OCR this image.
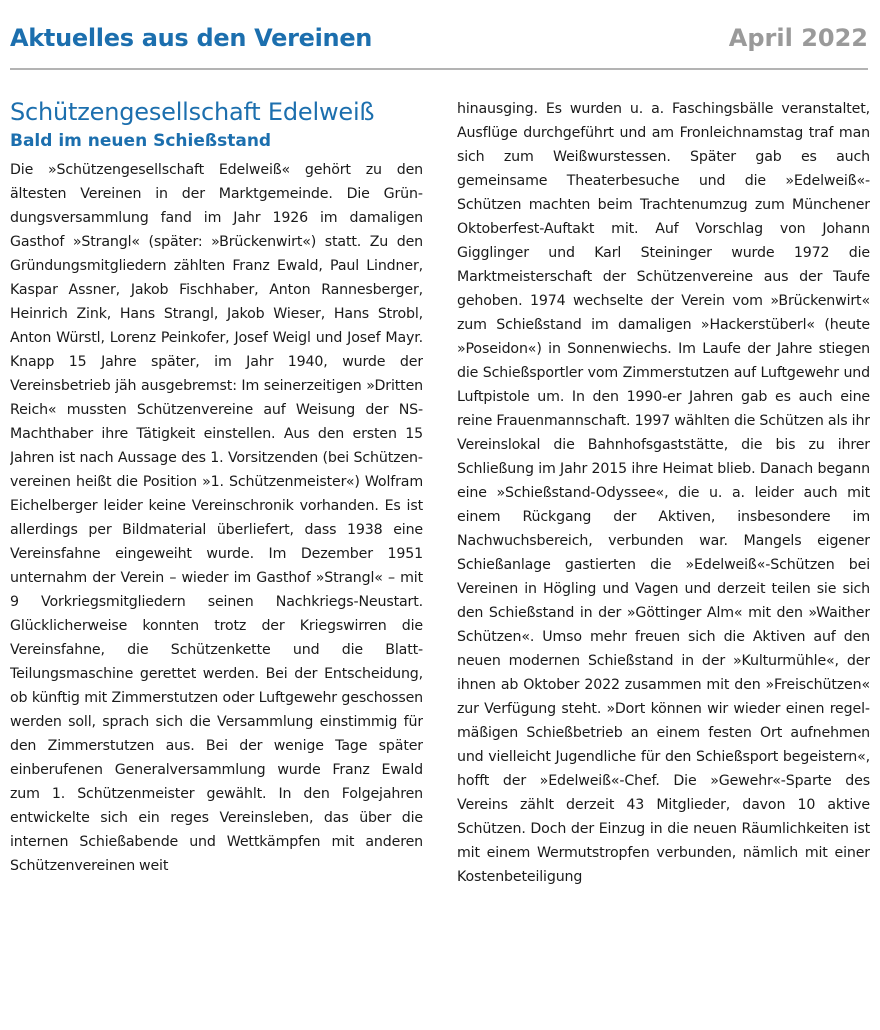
Aktuelles aus den Vereinen	April 2022
Schützengesellschaft Edelweiß
Bald im neuen Schießstand

Die »Schützengesellschaft Edelweiß« gehört zu den ältesten Vereinen in der Marktgemeinde. Die Gründungsversammlung fand im Jahr 1926 im damaligen Gasthof »Strangl« (später: »Brückenwirt«) statt. Zu den Gründungsmitgliedern zählten Franz Ewald, Paul Lindner, Kaspar Assner, Jakob Fischhaber, Anton Rannesberger, Heinrich Zink, Hans Strangl, Jakob Wieser, Hans Strobl, Anton Würstl, Lorenz Peinkofer, Josef Weigl und Josef Mayr. Knapp 15 Jahre später, im Jahr 1940, wurde der Vereinsbetrieb jäh ausgebremst: Im seinerzeitigen »Dritten Reich« mussten Schützenvereine auf Weisung der NS-Machthaber ihre Tätigkeit einstellen. Aus den ersten 15 Jahren ist nach Aussage des 1. Vorsitzenden (bei Schützenvereinen heißt die Position »1. Schützenmeister«) Wolfram Eichelberger leider keine Vereinschronik vorhanden. Es ist allerdings per Bildmaterial überliefert, dass 1938 eine Vereinsfahne eingeweiht wurde. Im Dezember 1951 unternahm der Verein – wieder im Gasthof »Strangl« – mit 9 Vorkriegsmitgliedern seinen Nachkriegs-Neustart. Glücklicherweise konnten trotz der Kriegswirren die Vereinsfahne, die Schützenkette und die Blatt-Teilungsmaschine gerettet werden. Bei der Entscheidung, ob künftig mit Zimmerstutzen oder Luftgewehr geschossen werden soll, sprach sich die Versammlung einstimmig für den Zimmerstutzen aus. Bei der wenige Tage später einberufenen Generalversammlung wurde Franz Ewald zum 1. Schützenmeister gewählt. In den Folgejahren entwickelte sich ein reges Vereinsleben, das über die internen Schießabende und Wettkämpfen mit anderen Schützenvereinen weit

hinausging. Es wurden u. a. Faschingsbälle veranstaltet, Ausflüge durchgeführt und am Fronleichnamstag traf man sich zum Weißwurstessen. Später gab es auch gemeinsame Theaterbesuche und die »Edelweiß«-Schützen machten beim Trachtenumzug zum Münchener Oktoberfest-Auftakt mit. Auf Vorschlag von Johann Gigglinger und Karl Steininger wurde 1972 die Marktmeisterschaft der Schützenvereine aus der Taufe gehoben. 1974 wechselte der Verein vom »Brückenwirt« zum Schießstand im damaligen »Hackerstüberl« (heute »Poseidon«) in Sonnenwiechs. Im Laufe der Jahre stiegen die Schießsportler vom Zimmerstutzen auf Luftgewehr und Luftpistole um. In den 1990-er Jahren gab es auch eine reine Frauenmannschaft. 1997 wählten die Schützen als ihr Vereinslokal die Bahnhofsgaststätte, die bis zu ihrer Schließung im Jahr 2015 ihre Heimat blieb. Danach begann eine »Schießstand-Odyssee«, die u. a. leider auch mit einem Rückgang der Aktiven, insbesondere im Nachwuchsbereich, verbunden war. Mangels eigener Schießanlage gastierten die »Edelweiß«-Schützen bei Vereinen in Högling und Vagen und derzeit teilen sie sich den Schießstand in der »Göttinger Alm« mit den »Waither Schützen«. Umso mehr freuen sich die Aktiven auf den neuen modernen Schießstand in der »Kulturmühle«, der ihnen ab Oktober 2022 zusammen mit den »Freischützen« zur Verfügung steht. »Dort können wir wieder einen regelmäßigen Schießbetrieb an einem festen Ort aufnehmen und vielleicht Jugendliche für den Schießsport begeistern«, hofft der »Edelweiß«-Chef. Die »Gewehr«-Sparte des Vereins zählt derzeit 43 Mitglieder, davon 10 aktive Schützen. Doch der Einzug in die neuen Räumlichkeiten ist mit einem Wermutstropfen verbunden, nämlich mit einer Kostenbeteiligung
